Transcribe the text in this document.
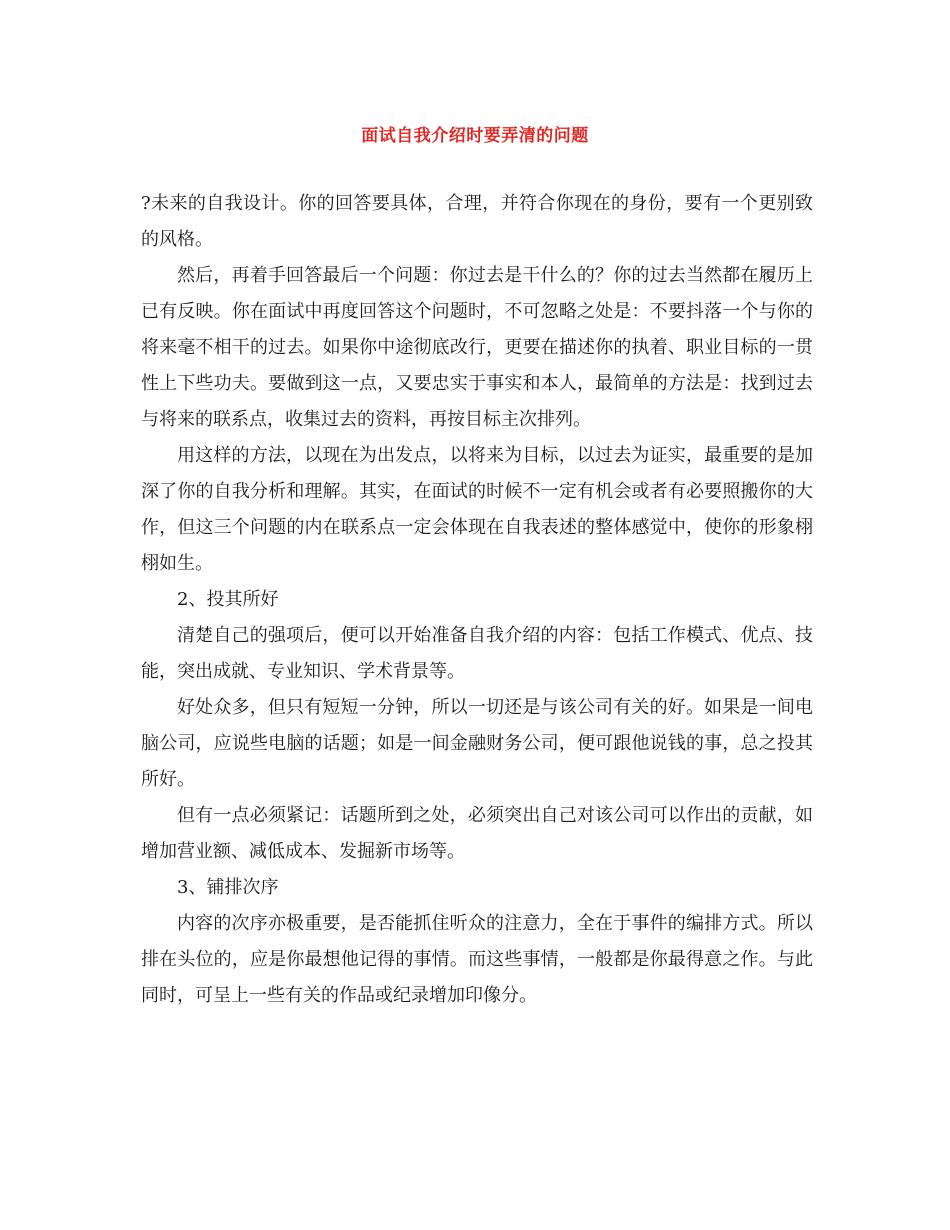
面试自我介绍时要弄清的问题

?未来的自我设计。你的回答要具体，合理，并符合你现在的身份，要有一个更别致的风格。

然后，再着手回答最后一个问题：你过去是干什么的？你的过去当然都在履历上已有反映。你在面试中再度回答这个问题时，不可忽略之处是：不要抖落一个与你的将来毫不相干的过去。如果你中途彻底改行，更要在描述你的执着、职业目标的一贯性上下些功夫。要做到这一点，又要忠实于事实和本人，最简单的方法是：找到过去与将来的联系点，收集过去的资料，再按目标主次排列。

用这样的方法，以现在为出发点，以将来为目标，以过去为证实，最重要的是加深了你的自我分析和理解。其实，在面试的时候不一定有机会或者有必要照搬你的大作，但这三个问题的内在联系点一定会体现在自我表述的整体感觉中，使你的形象栩栩如生。

2、投其所好

清楚自己的强项后，便可以开始准备自我介绍的内容：包括工作模式、优点、技能，突出成就、专业知识、学术背景等。

好处众多，但只有短短一分钟，所以一切还是与该公司有关的好。如果是一间电脑公司，应说些电脑的话题；如是一间金融财务公司，便可跟他说钱的事，总之投其所好。

但有一点必须紧记：话题所到之处，必须突出自己对该公司可以作出的贡献，如增加营业额、减低成本、发掘新市场等。

3、铺排次序

内容的次序亦极重要，是否能抓住听众的注意力，全在于事件的编排方式。所以排在头位的，应是你最想他记得的事情。而这些事情，一般都是你最得意之作。与此同时，可呈上一些有关的作品或纪录增加印像分。
